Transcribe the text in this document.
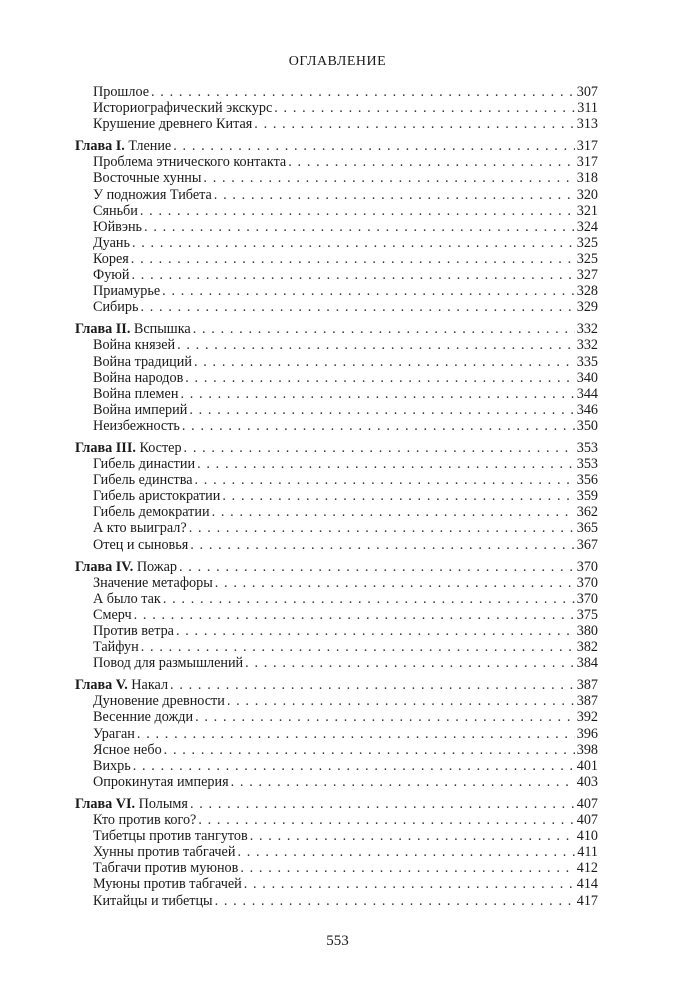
ОГЛАВЛЕНИЕ
Прошлое . . .	307
Историографический экскурс . . .	311
Крушение древнего Китая . . .	313
Глава I. Тление . . .	317
Проблема этнического контакта . . .	317
Восточные хунны . . .	318
У подножия Тибета . . .	320
Сяньби . . .	321
Юйвэнь . . .	324
Дуань . . .	325
Корея . . .	325
Фуюй . . .	327
Приамурье . . .	328
Сибирь . . .	329
Глава II. Вспышка . . .	332
Война князей . . .	332
Война традиций . . .	335
Война народов . . .	340
Война племен . . .	344
Война империй . . .	346
Неизбежность . . .	350
Глава III. Костер . . .	353
Гибель династии . . .	353
Гибель единства . . .	356
Гибель аристократии . . .	359
Гибель демократии . . .	362
А кто выиграл? . . .	365
Отец и сыновья . . .	367
Глава IV. Пожар . . .	370
Значение метафоры . . .	370
А было так . . .	370
Смерч . . .	375
Против ветра . . .	380
Тайфун . . .	382
Повод для размышлений . . .	384
Глава V. Накал . . .	387
Дуновение древности . . .	387
Весенние дожди . . .	392
Ураган . . .	396
Ясное небо . . .	398
Вихрь . . .	401
Опрокинутая империя . . .	403
Глава VI. Полымя . . .	407
Кто против кого? . . .	407
Тибетцы против тангутов . . .	410
Хунны против табгачей . . .	411
Табгачи против муюнов . . .	412
Муюны против табгачей . . .	414
Китайцы и тибетцы . . .	417
553
